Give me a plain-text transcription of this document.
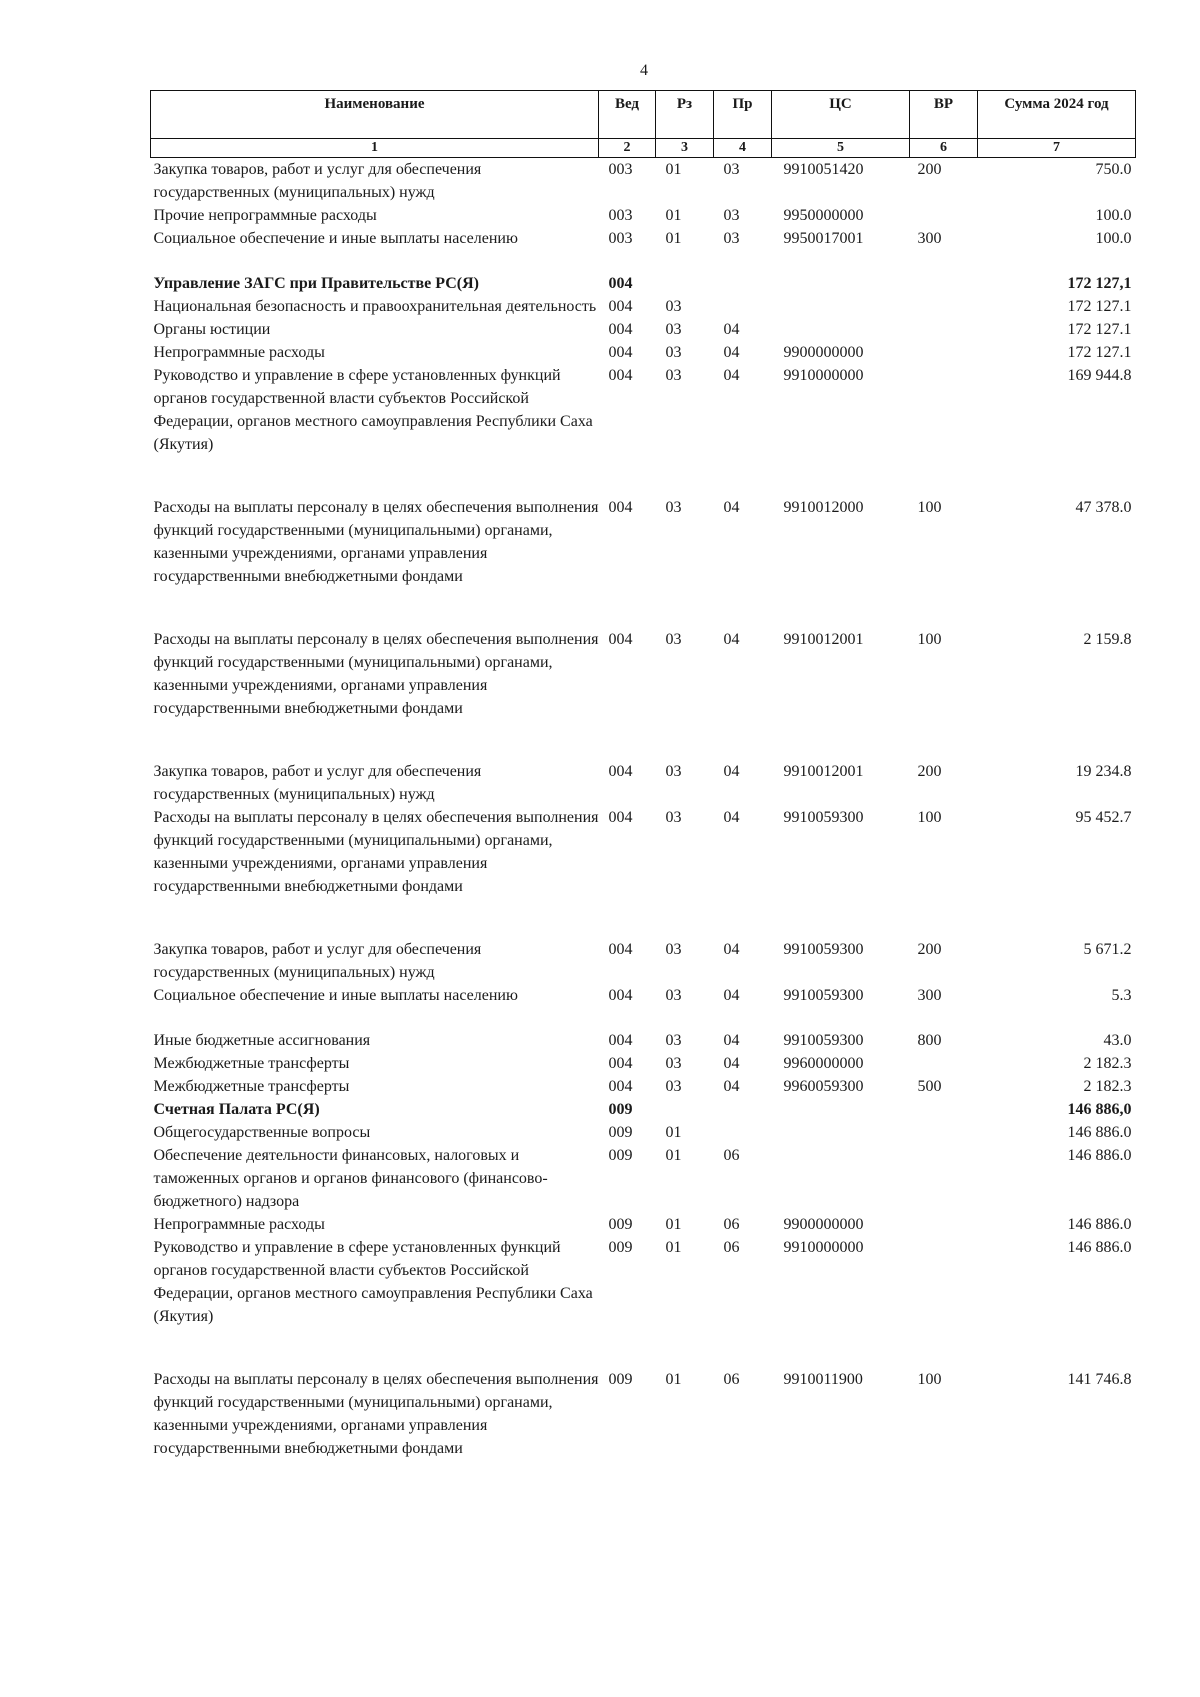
4
Наименование	Вед	Рз	Пр	ЦС	ВР	Сумма 2024 год
1	2	3	4	5	6	7
Закупка товаров, работ и услуг для обеспечения государственных (муниципальных) нужд	003	01	03	9910051420	200	750.0
Прочие непрограммные расходы	003	01	03	9950000000		100.0
Социальное обеспечение и иные выплаты населению	003	01	03	9950017001	300	100.0
Управление ЗАГС при Правительстве РС(Я)	004					172 127,1
Национальная безопасность и правоохранительная деятельность	004	03				172 127.1
Органы юстиции	004	03	04			172 127.1
Непрограммные расходы	004	03	04	9900000000		172 127.1
Руководство и управление в сфере установленных функций органов государственной власти субъектов Российской Федерации, органов местного самоуправления Республики Саха (Якутия)	004	03	04	9910000000		169 944.8
Расходы на выплаты персоналу в целях обеспечения выполнения функций государственными (муниципальными) органами, казенными учреждениями, органами управления государственными внебюджетными фондами	004	03	04	9910012000	100	47 378.0
Расходы на выплаты персоналу в целях обеспечения выполнения функций государственными (муниципальными) органами, казенными учреждениями, органами управления государственными внебюджетными фондами	004	03	04	9910012001	100	2 159.8
Закупка товаров, работ и услуг для обеспечения государственных (муниципальных) нужд	004	03	04	9910012001	200	19 234.8
Расходы на выплаты персоналу в целях обеспечения выполнения функций государственными (муниципальными) органами, казенными учреждениями, органами управления государственными внебюджетными фондами	004	03	04	9910059300	100	95 452.7
Закупка товаров, работ и услуг для обеспечения государственных (муниципальных) нужд	004	03	04	9910059300	200	5 671.2
Социальное обеспечение и иные выплаты населению	004	03	04	9910059300	300	5.3
Иные бюджетные ассигнования	004	03	04	9910059300	800	43.0
Межбюджетные трансферты	004	03	04	9960000000		2 182.3
Межбюджетные трансферты	004	03	04	9960059300	500	2 182.3
Счетная Палата РС(Я)	009					146 886,0
Общегосударственные вопросы	009	01				146 886.0
Обеспечение деятельности финансовых, налоговых и таможенных органов и органов финансового (финансово-бюджетного) надзора	009	01	06			146 886.0
Непрограммные расходы	009	01	06	9900000000		146 886.0
Руководство и управление в сфере установленных функций органов государственной власти субъектов Российской Федерации, органов местного самоуправления Республики Саха (Якутия)	009	01	06	9910000000		146 886.0
Расходы на выплаты персоналу в целях обеспечения выполнения функций государственными (муниципальными) органами, казенными учреждениями, органами управления государственными внебюджетными фондами	009	01	06	9910011900	100	141 746.8
